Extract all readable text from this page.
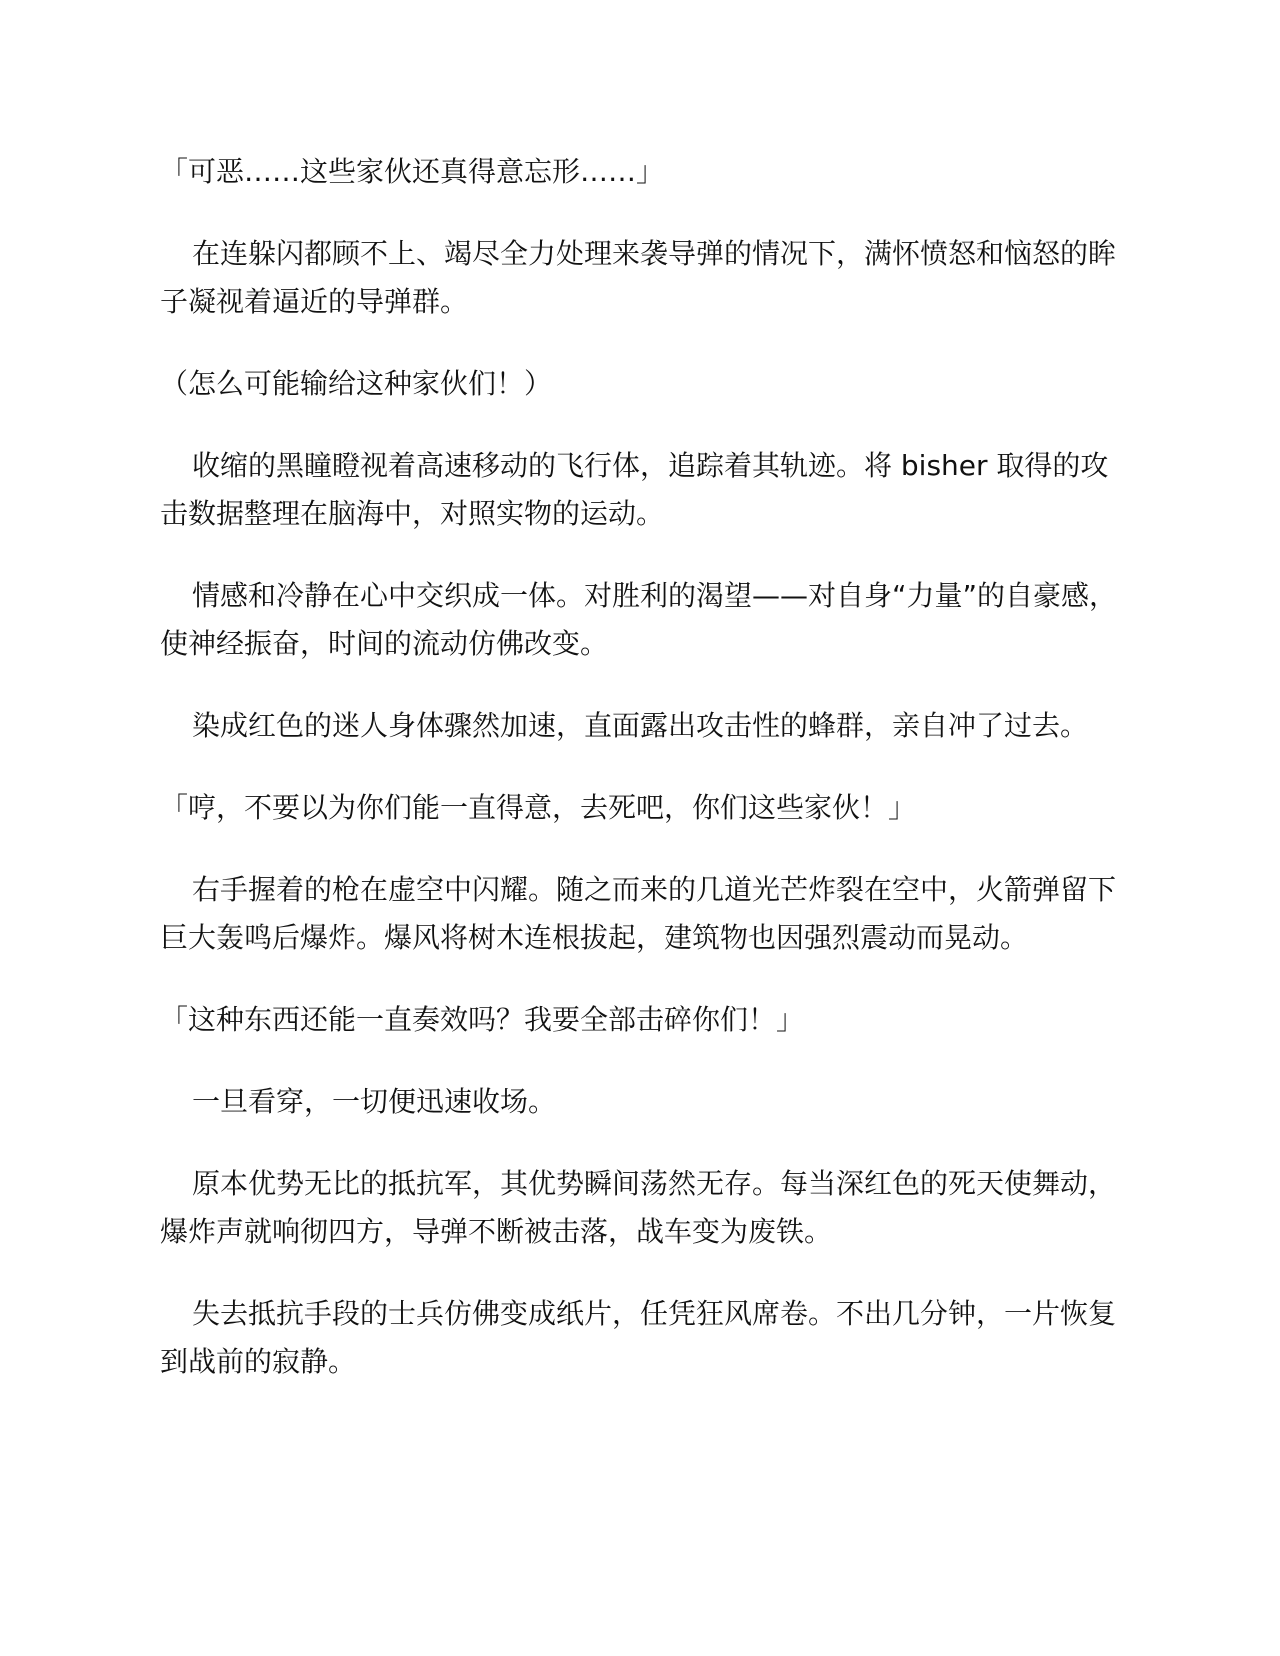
「可恶……这些家伙还真得意忘形……」

在连躲闪都顾不上、竭尽全力处理来袭导弹的情况下，满怀愤怒和恼怒的眸子凝视着逼近的导弹群。

（怎么可能输给这种家伙们！）

收缩的黑瞳瞪视着高速移动的飞行体，追踪着其轨迹。将 bisher 取得的攻击数据整理在脑海中，对照实物的运动。

情感和冷静在心中交织成一体。对胜利的渴望——对自身“力量”的自豪感，使神经振奋，时间的流动仿佛改变。

染成红色的迷人身体骤然加速，直面露出攻击性的蜂群，亲自冲了过去。

「哼，不要以为你们能一直得意，去死吧，你们这些家伙！」

右手握着的枪在虚空中闪耀。随之而来的几道光芒炸裂在空中，火箭弹留下巨大轰鸣后爆炸。爆风将树木连根拔起，建筑物也因强烈震动而晃动。

「这种东西还能一直奏效吗？我要全部击碎你们！」

一旦看穿，一切便迅速收场。

原本优势无比的抵抗军，其优势瞬间荡然无存。每当深红色的死天使舞动，爆炸声就响彻四方，导弹不断被击落，战车变为废铁。

失去抵抗手段的士兵仿佛变成纸片，任凭狂风席卷。不出几分钟，一片恢复到战前的寂静。
